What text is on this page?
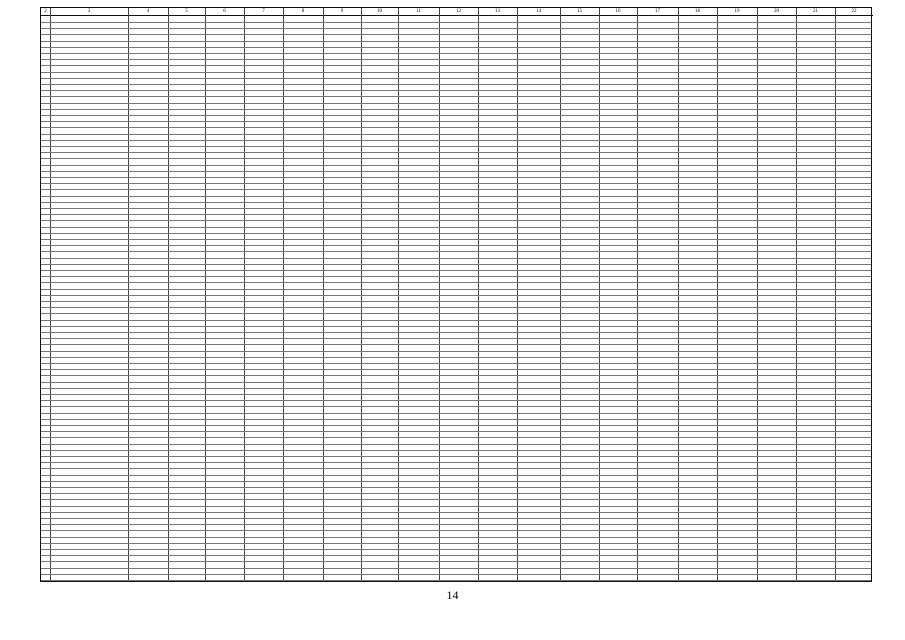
2	3	4	5	6	7	8	9	10	11	12	13	14	15	16	17	18	19	20	21	22
14
